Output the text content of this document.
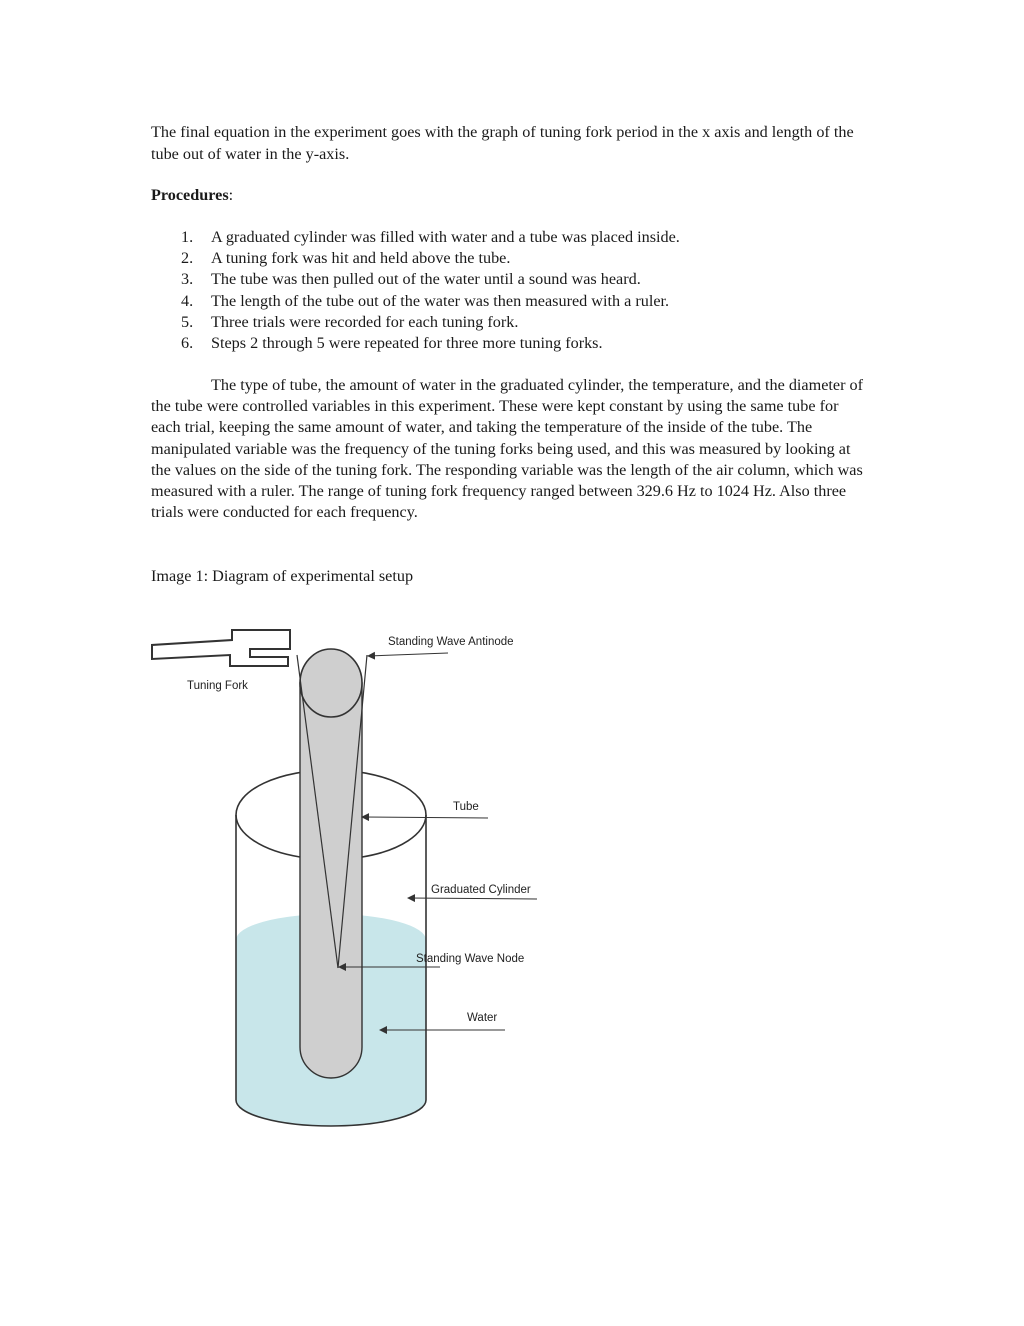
The final equation in the experiment goes with the graph of tuning fork period in the x axis and length of the tube out of water in the y-axis.

Procedures:

1. A graduated cylinder was filled with water and a tube was placed inside.
2. A tuning fork was hit and held above the tube.
3. The tube was then pulled out of the water until a sound was heard.
4. The length of the tube out of the water was then measured with a ruler.
5. Three trials were recorded for each tuning fork.
6. Steps 2 through 5 were repeated for three more tuning forks.

The type of tube, the amount of water in the graduated cylinder, the temperature, and the diameter of the tube were controlled variables in this experiment. These were kept constant by using the same tube for each trial, keeping the same amount of water, and taking the temperature of the inside of the tube. The manipulated variable was the frequency of the tuning forks being used, and this was measured by looking at the values on the side of the tuning fork. The responding variable was the length of the air column, which was measured with a ruler. The range of tuning fork frequency ranged between 329.6 Hz to 1024 Hz. Also three trials were conducted for each frequency.

Image 1: Diagram of experimental setup

Tuning Fork
Standing Wave Antinode
Tube
Graduated Cylinder
Standing Wave Node
Water
